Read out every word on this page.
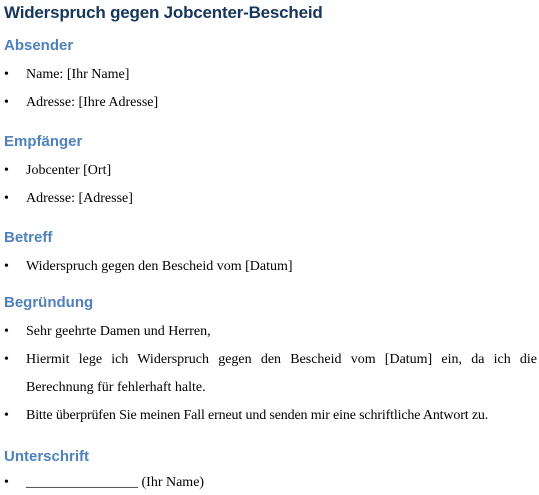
Widerspruch gegen Jobcenter-Bescheid
Absender
• Name: [Ihr Name]
• Adresse: [Ihre Adresse]
Empfänger
• Jobcenter [Ort]
• Adresse: [Adresse]
Betreff
• Widerspruch gegen den Bescheid vom [Datum]
Begründung
• Sehr geehrte Damen und Herren,
• Hiermit lege ich Widerspruch gegen den Bescheid vom [Datum] ein, da ich die Berechnung für fehlerhaft halte.
• Bitte überprüfen Sie meinen Fall erneut und senden mir eine schriftliche Antwort zu.
Unterschrift
• ________________ (Ihr Name)
